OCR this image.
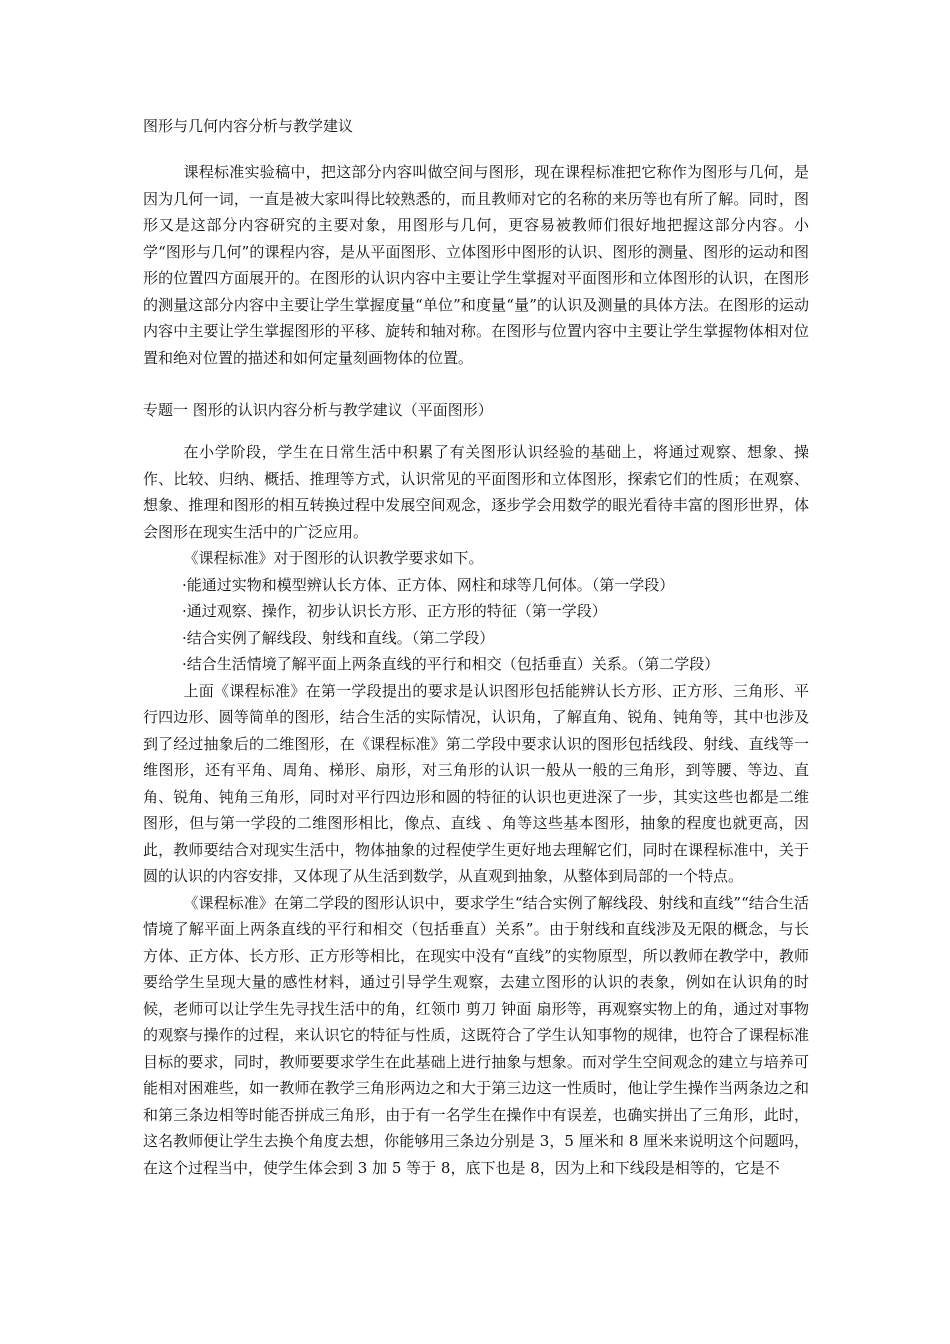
图形与几何内容分析与教学建议

课程标准实验稿中，把这部分内容叫做空间与图形，现在课程标准把它称作为图形与几何，是因为几何一词，一直是被大家叫得比较熟悉的，而且教师对它的名称的来历等也有所了解。同时，图形又是这部分内容研究的主要对象，用图形与几何，更容易被教师们很好地把握这部分内容。小学“图形与几何”的课程内容，是从平面图形、立体图形中图形的认识、图形的测量、图形的运动和图形的位置四方面展开的。在图形的认识内容中主要让学生掌握对平面图形和立体图形的认识，在图形的测量这部分内容中主要让学生掌握度量“单位”和度量“量”的认识及测量的具体方法。在图形的运动内容中主要让学生掌握图形的平移、旋转和轴对称。在图形与位置内容中主要让学生掌握物体相对位置和绝对位置的描述和如何定量刻画物体的位置。

专题一 图形的认识内容分析与教学建议（平面图形）

在小学阶段，学生在日常生活中积累了有关图形认识经验的基础上，将通过观察、想象、操作、比较、归纳、概括、推理等方式，认识常见的平面图形和立体图形，探索它们的性质；在观察、想象、推理和图形的相互转换过程中发展空间观念，逐步学会用数学的眼光看待丰富的图形世界，体会图形在现实生活中的广泛应用。

《课程标准》对于图形的认识教学要求如下。

·能通过实物和模型辨认长方体、正方体、网柱和球等几何体。（第一学段）

·通过观察、操作，初步认识长方形、正方形的特征（第一学段）

·结合实例了解线段、射线和直线。（第二学段）

·结合生活情境了解平面上两条直线的平行和相交（包括垂直）关系。（第二学段）

上面《课程标准》在第一学段提出的要求是认识图形包括能辨认长方形、正方形、三角形、平行四边形、圆等简单的图形，结合生活的实际情况，认识角，了解直角、锐角、钝角等，其中也涉及到了经过抽象后的二维图形，在《课程标准》第二学段中要求认识的图形包括线段、射线、直线等一维图形，还有平角、周角、梯形、扇形，对三角形的认识一般从一般的三角形，到等腰、等边、直角、锐角、钝角三角形，同时对平行四边形和圆的特征的认识也更进深了一步，其实这些也都是二维图形，但与第一学段的二维图形相比，像点、直线 、角等这些基本图形，抽象的程度也就更高，因此，教师要结合对现实生活中，物体抽象的过程使学生更好地去理解它们，同时在课程标准中，关于圆的认识的内容安排，又体现了从生活到数学，从直观到抽象，从整体到局部的一个特点。

《课程标准》在第二学段的图形认识中，要求学生“结合实例了解线段、射线和直线”“结合生活情境了解平面上两条直线的平行和相交（包括垂直）关系”。由于射线和直线涉及无限的概念，与长方体、正方体、长方形、正方形等相比，在现实中没有“直线”的实物原型，所以教师在教学中，教师要给学生呈现大量的感性材料，通过引导学生观察，去建立图形的认识的表象，例如在认识角的时候，老师可以让学生先寻找生活中的角，红领巾 剪刀 钟面 扇形等，再观察实物上的角，通过对事物的观察与操作的过程，来认识它的特征与性质，这既符合了学生认知事物的规律，也符合了课程标准目标的要求，同时，教师要要求学生在此基础上进行抽象与想象。而对学生空间观念的建立与培养可能相对困难些，如一教师在教学三角形两边之和大于第三边这一性质时，他让学生操作当两条边之和和第三条边相等时能否拼成三角形，由于有一名学生在操作中有误差，也确实拼出了三角形，此时，这名教师便让学生去换个角度去想，你能够用三条边分别是 3，5 厘米和 8 厘米来说明这个问题吗，在这个过程当中，使学生体会到 3 加 5 等于 8，底下也是 8，因为上和下线段是相等的，它是不
